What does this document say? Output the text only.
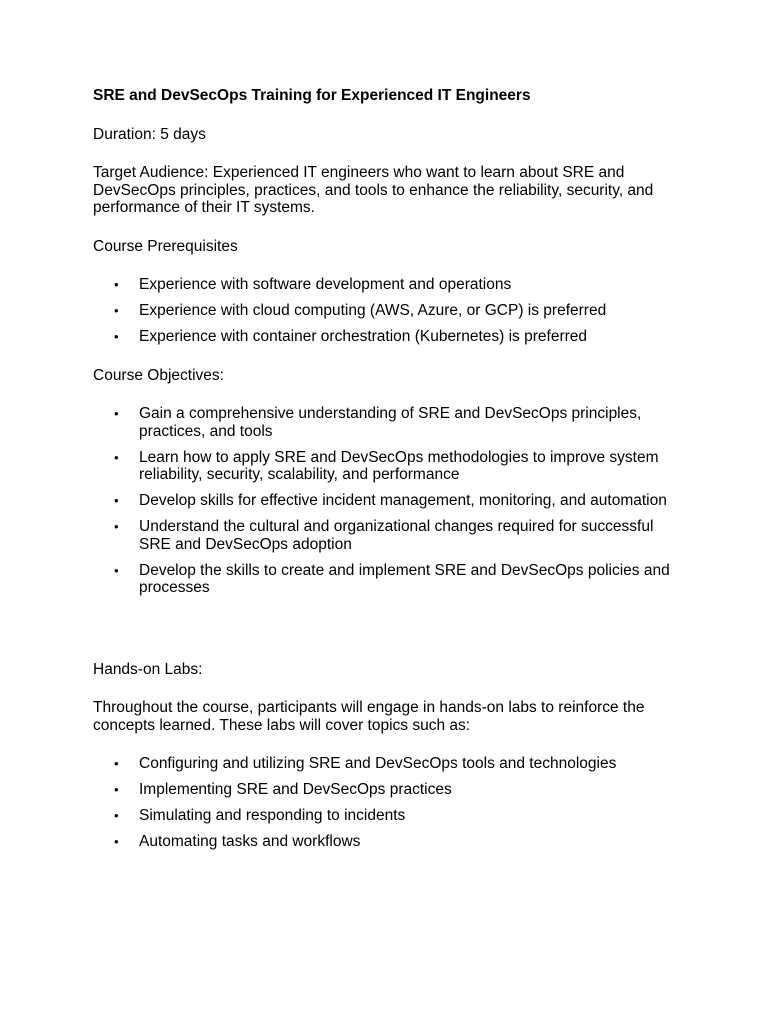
SRE and DevSecOps Training for Experienced IT Engineers

Duration: 5 days

Target Audience: Experienced IT engineers who want to learn about SRE and DevSecOps principles, practices, and tools to enhance the reliability, security, and performance of their IT systems.

Course Prerequisites

• Experience with software development and operations
• Experience with cloud computing (AWS, Azure, or GCP) is preferred
• Experience with container orchestration (Kubernetes) is preferred

Course Objectives:

• Gain a comprehensive understanding of SRE and DevSecOps principles, practices, and tools
• Learn how to apply SRE and DevSecOps methodologies to improve system reliability, security, scalability, and performance
• Develop skills for effective incident management, monitoring, and automation
• Understand the cultural and organizational changes required for successful SRE and DevSecOps adoption
• Develop the skills to create and implement SRE and DevSecOps policies and processes

Hands-on Labs:

Throughout the course, participants will engage in hands-on labs to reinforce the concepts learned. These labs will cover topics such as:

• Configuring and utilizing SRE and DevSecOps tools and technologies
• Implementing SRE and DevSecOps practices
• Simulating and responding to incidents
• Automating tasks and workflows
